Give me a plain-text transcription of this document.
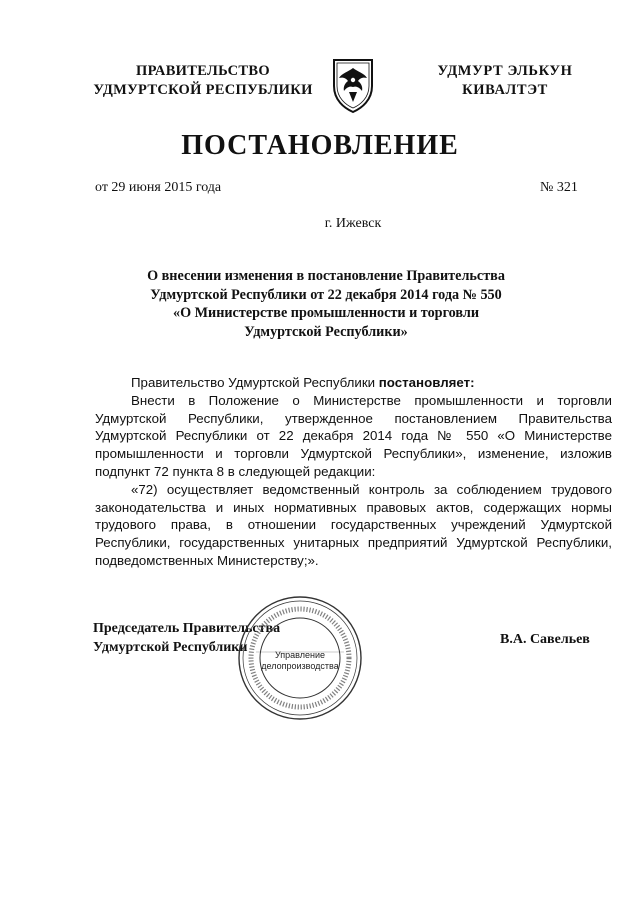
ПРАВИТЕЛЬСТВО
УДМУРТСКОЙ РЕСПУБЛИКИ
УДМУРТ ЭЛЬКУН
КИВАЛТЭТ
ПОСТАНОВЛЕНИЕ
от 29 июня 2015 года	№ 321
г. Ижевск
О внесении изменения в постановление Правительства
Удмуртской Республики от 22 декабря 2014 года № 550
«О Министерстве промышленности и торговли
Удмуртской Республики»

Правительство Удмуртской Республики постановляет:

Внести в Положение о Министерстве промышленности и торговли Удмуртской Республики, утвержденное постановлением Правительства Удмуртской Республики от 22 декабря 2014 года № 550 «О Министерстве промышленности и торговли Удмуртской Республики», изменение, изложив подпункт 72 пункта 8 в следующей редакции:

«72) осуществляет ведомственный контроль за соблюдением трудового законодательства и иных нормативных правовых актов, содержащих нормы трудового права, в отношении государственных учреждений Удмуртской Республики, государственных унитарных предприятий Удмуртской Республики, подведомственных Министерству;».

Председатель Правительства
Удмуртской Республики
В.А. Савельев
Управление
делопроизводства
